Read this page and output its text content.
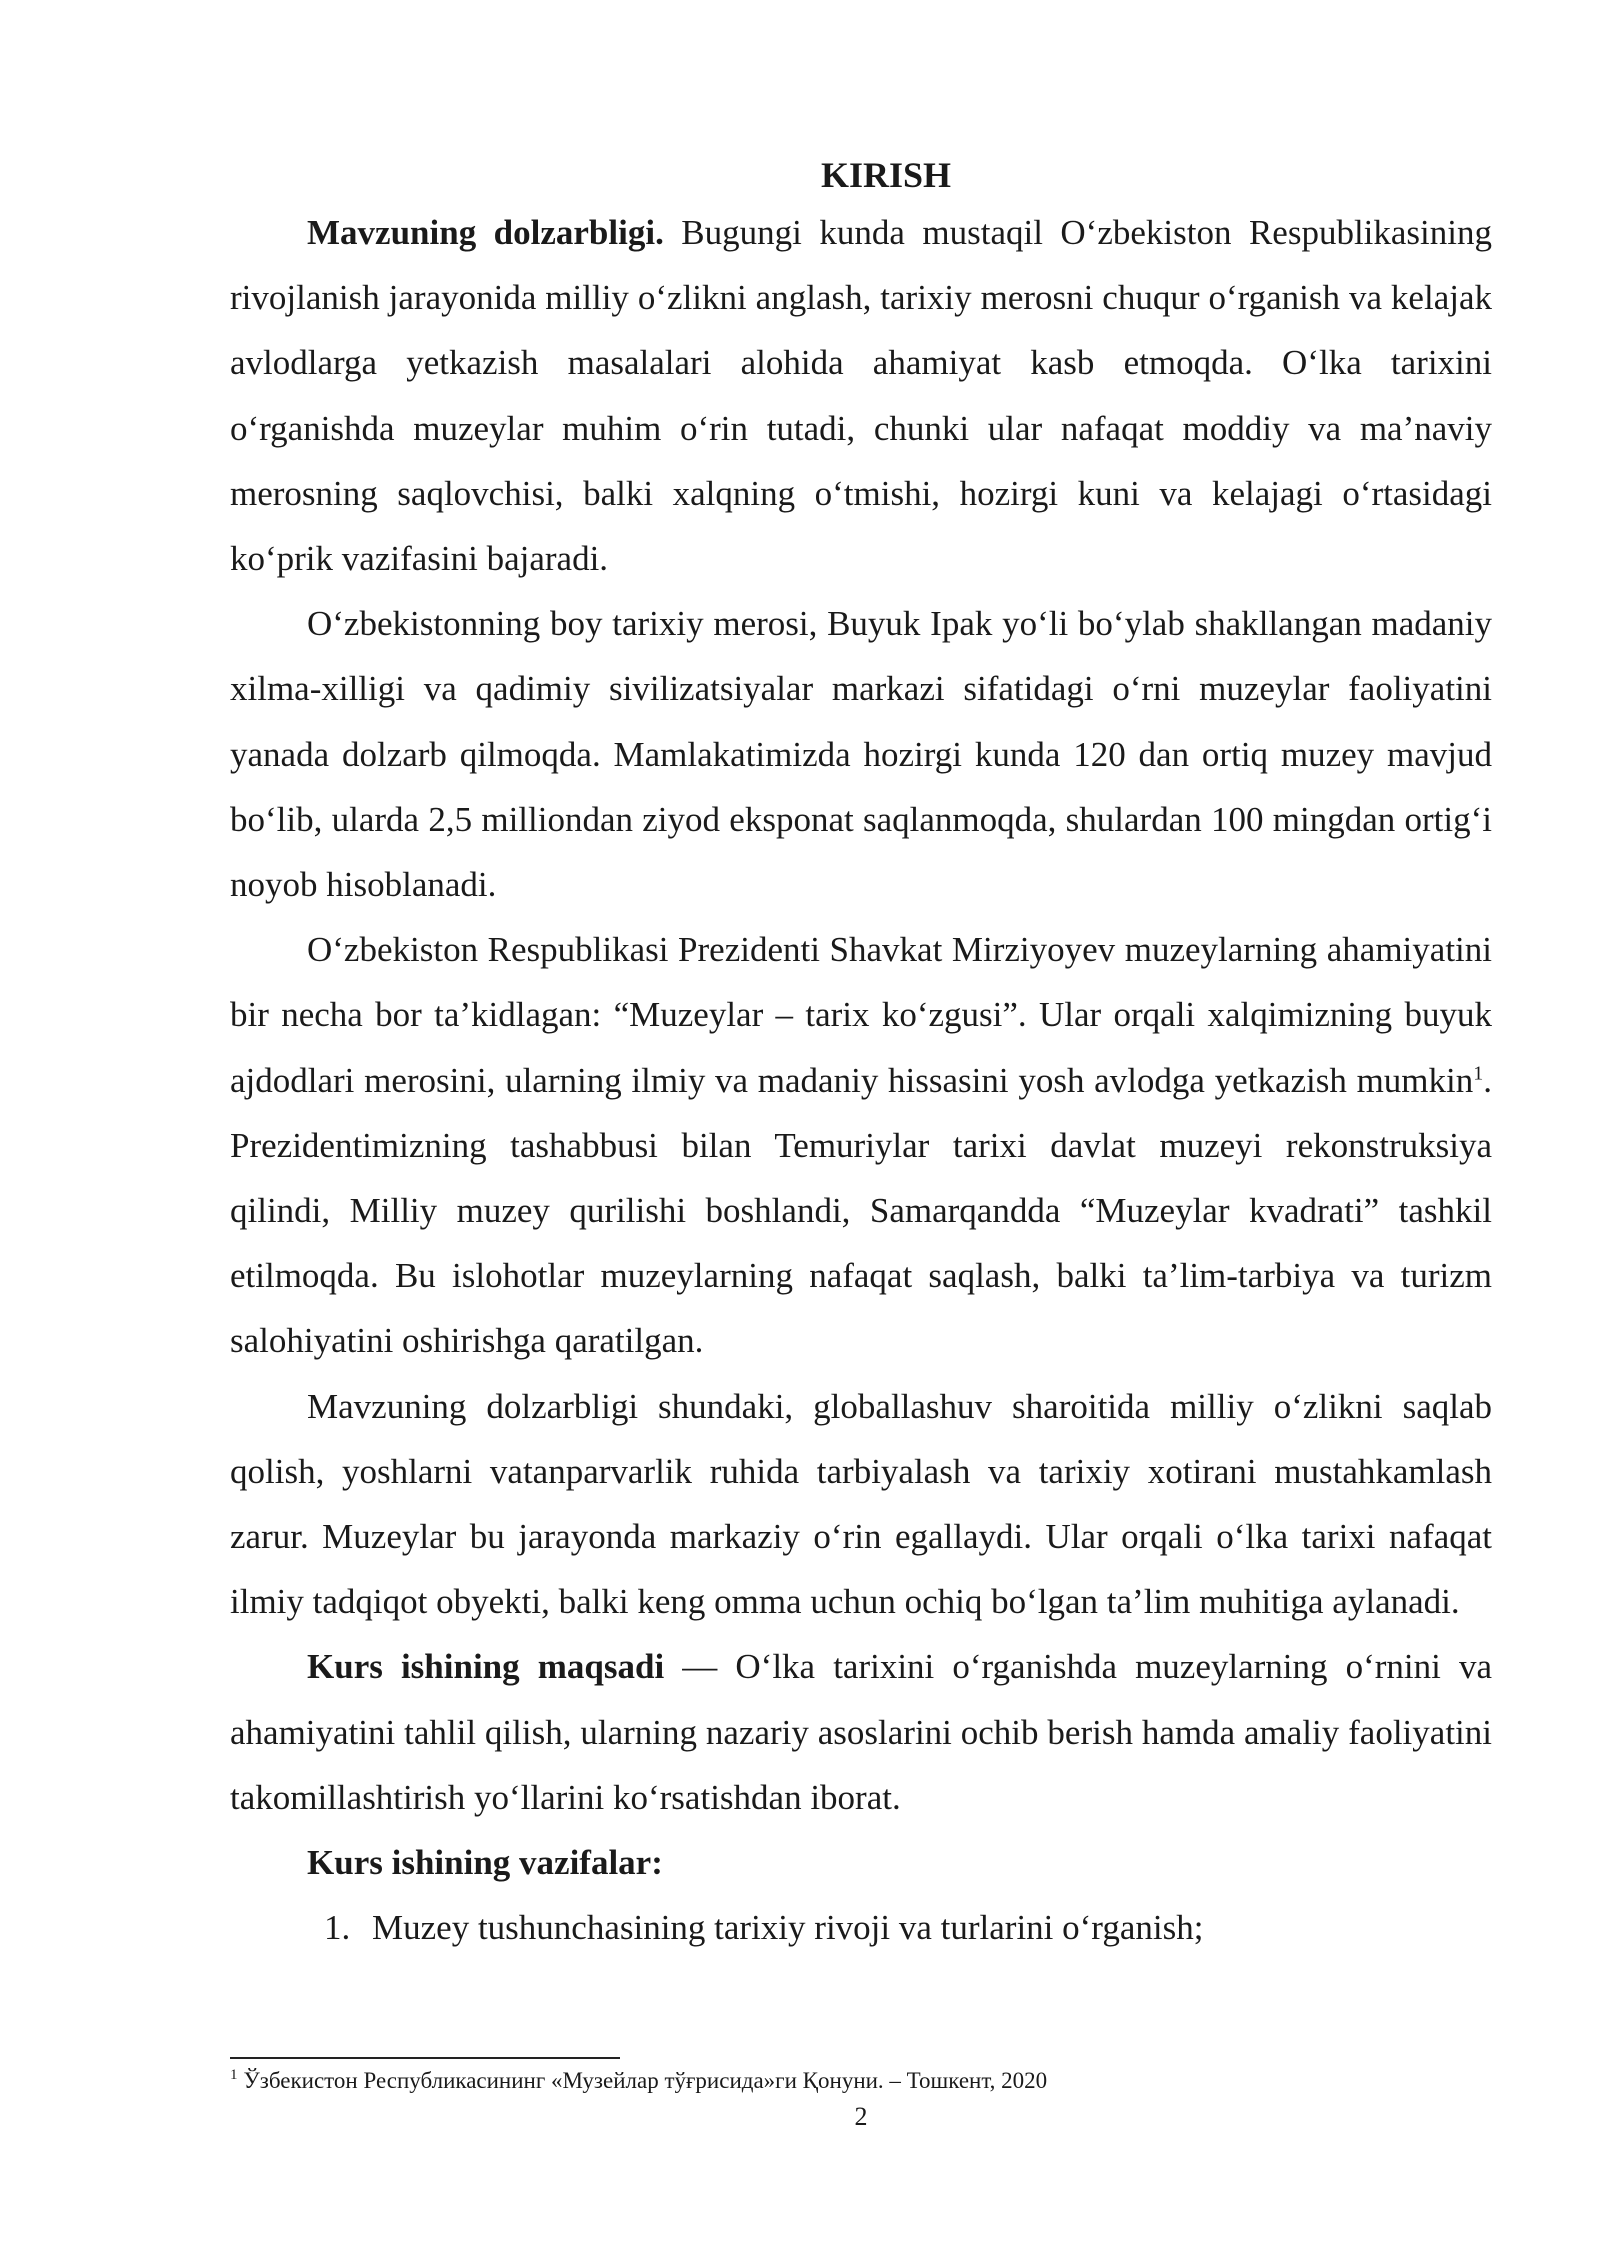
KIRISH

Mavzuning dolzarbligi. Bugungi kunda mustaqil O‘zbekiston Respublikasining rivojlanish jarayonida milliy o‘zlikni anglash, tarixiy merosni chuqur o‘rganish va kelajak avlodlarga yetkazish masalalari alohida ahamiyat kasb etmoqda. O‘lka tarixini o‘rganishda muzeylar muhim o‘rin tutadi, chunki ular nafaqat moddiy va ma’naviy merosning saqlovchisi, balki xalqning o‘tmishi, hozirgi kuni va kelajagi o‘rtasidagi ko‘prik vazifasini bajaradi.

O‘zbekistonning boy tarixiy merosi, Buyuk Ipak yo‘li bo‘ylab shakllangan madaniy xilma-xilligi va qadimiy sivilizatsiyalar markazi sifatidagi o‘rni muzeylar faoliyatini yanada dolzarb qilmoqda. Mamlakatimizda hozirgi kunda 120 dan ortiq muzey mavjud bo‘lib, ularda 2,5 milliondan ziyod eksponat saqlanmoqda, shulardan 100 mingdan ortig‘i noyob hisoblanadi.

O‘zbekiston Respublikasi Prezidenti Shavkat Mirziyoyev muzeylarning ahamiyatini bir necha bor ta’kidlagan: “Muzeylar – tarix ko‘zgusi”. Ular orqali xalqimizning buyuk ajdodlari merosini, ularning ilmiy va madaniy hissasini yosh avlodga yetkazish mumkin$^1$. Prezidentimizning tashabbusi bilan Temuriylar tarixi davlat muzeyi rekonstruksiya qilindi, Milliy muzey qurilishi boshlandi, Samarqandda “Muzeylar kvadrati” tashkil etilmoqda. Bu islohotlar muzeylarning nafaqat saqlash, balki ta’lim-tarbiya va turizm salohiyatini oshirishga qaratilgan.

Mavzuning dolzarbligi shundaki, globallashuv sharoitida milliy o‘zlikni saqlab qolish, yoshlarni vatanparvarlik ruhida tarbiyalash va tarixiy xotirani mustahkamlash zarur. Muzeylar bu jarayonda markaziy o‘rin egallaydi. Ular orqali o‘lka tarixi nafaqat ilmiy tadqiqot obyekti, balki keng omma uchun ochiq bo‘lgan ta’lim muhitiga aylanadi.

Kurs ishining maqsadi — O‘lka tarixini o‘rganishda muzeylarning o‘rnini va ahamiyatini tahlil qilish, ularning nazariy asoslarini ochib berish hamda amaliy faoliyatini takomillashtirish yo‘llarini ko‘rsatishdan iborat.

Kurs ishining vazifalar:

1. Muzey tushunchasining tarixiy rivoji va turlarini o‘rganish;

$^1$ Ўзбекистон Республикасининг «Музейлар тўғрисида»ги Қонуни. – Тошкент, 2020
2
